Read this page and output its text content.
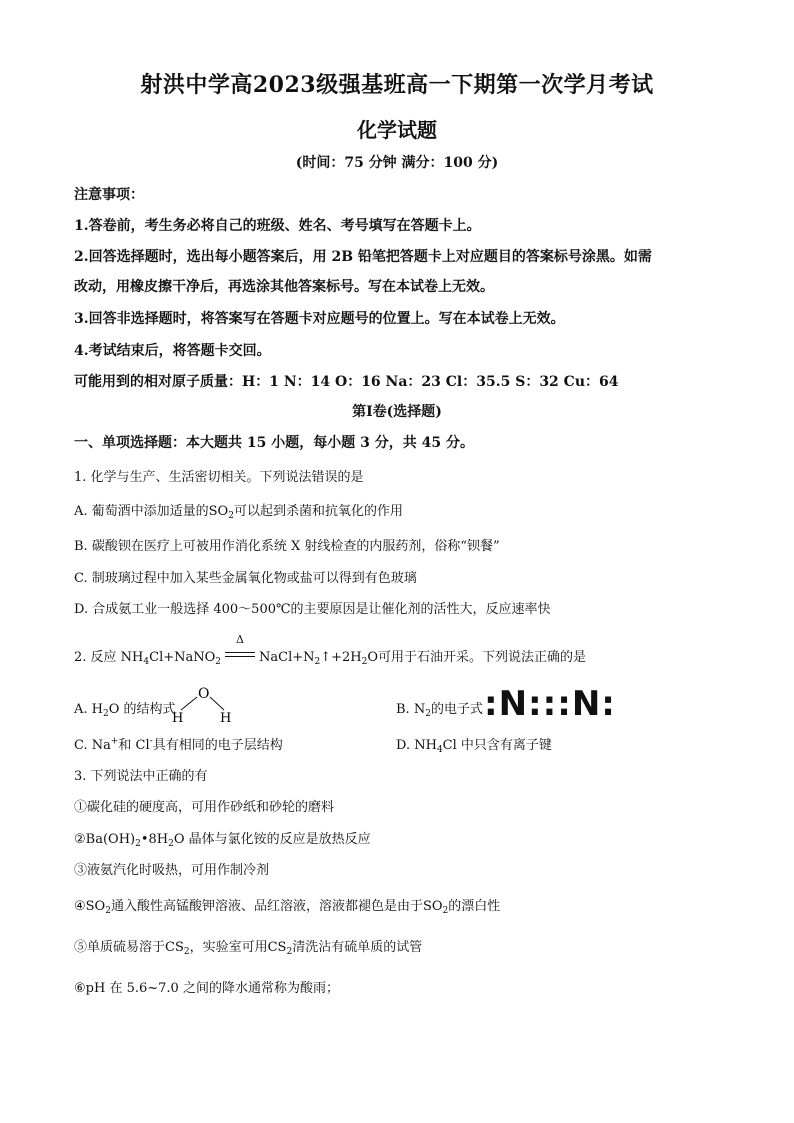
射洪中学高2023级强基班高一下期第一次学月考试
化学试题
(时间：75 分钟 满分：100 分)
注意事项：
1.答卷前，考生务必将自己的班级、姓名、考号填写在答题卡上。
2.回答选择题时，选出每小题答案后，用 2B 铅笔把答题卡上对应题目的答案标号涂黑。如需
改动，用橡皮擦干净后，再选涂其他答案标号。写在本试卷上无效。
3.回答非选择题时，将答案写在答题卡对应题号的位置上。写在本试卷上无效。
4.考试结束后，将答题卡交回。
可能用到的相对原子质量：H：1 N：14 O：16 Na：23 Cl：35.5 S：32 Cu：64
第Ⅰ卷(选择题)
一、单项选择题：本大题共 15 小题，每小题 3 分，共 45 分。
1. 化学与生产、生活密切相关。下列说法错误的是
A. 葡萄酒中添加适量的$SO_2$可以起到杀菌和抗氧化的作用
B. 碳酸钡在医疗上可被用作消化系统 X 射线检查的内服药剂，俗称“钡餐”
C. 制玻璃过程中加入某些金属氧化物或盐可以得到有色玻璃
D. 合成氨工业一般选择 400～500℃的主要原因是让催化剂的活性大，反应速率快
2. 反应 $NH_4Cl+NaNO_2$
Δ
$NaCl+N_2↑+2H_2O$可用于石油开采。下列说法正确的是
A. $H_2O$ 的结构式
O
H	H
B. $N_2$的电子式 :N:::N:
C. Na+和 Cl-具有相同的电子层结构	D. $NH_4Cl$ 中只含有离子键
3. 下列说法中正确的有
①碳化硅的硬度高，可用作砂纸和砂轮的磨料
$②Ba(OH)_2•8H_2O$ 晶体与氯化铵的反应是放热反应
③液氨汽化时吸热，可用作制冷剂
$④SO_2$通入酸性高锰酸钾溶液、品红溶液，溶液都褪色是由于$SO_2$的漂白性
⑤单质硫易溶于$CS_2$，实验室可用$CS_2$清洗沾有硫单质的试管
⑥pH 在 5.6~7.0 之间的降水通常称为酸雨；
